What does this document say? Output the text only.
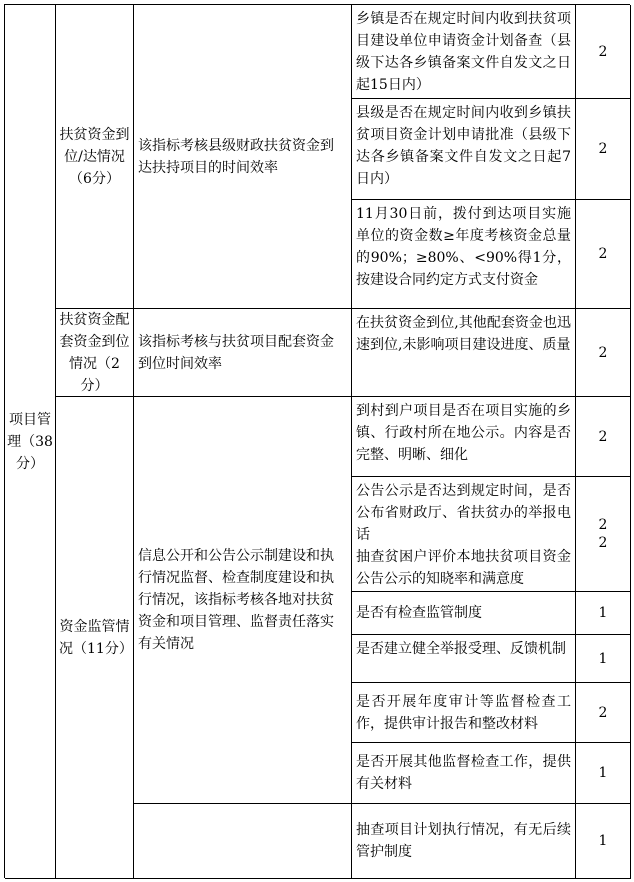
项目管理（38分）
扶贫资金到位/达情况（6分）
该指标考核县级财政扶贫资金到达扶持项目的时间效率
乡镇是否在规定时间内收到扶贫项目建设单位申请资金计划备查（县级下达各乡镇备案文件自发文之日起15日内）
2
县级是否在规定时间内收到乡镇扶贫项目资金计划申请批准（县级下达各乡镇备案文件自发文之日起7日内）
2
11月30日前，拨付到达项目实施单位的资金数≥年度考核资金总量的90%；≥80%、<90%得1分，按建设合同约定方式支付资金
2
扶贫资金配套资金到位情况（2分）
该指标考核与扶贫项目配套资金到位时间效率
在扶贫资金到位,其他配套资金也迅速到位,未影响项目建设进度、质量	2
资金监管情况（11分）
信息公开和公告公示制建设和执行情况监督、检查制度建设和执行情况，该指标考核各地对扶贫资金和项目管理、监督责任落实有关情况
到村到户项目是否在项目实施的乡镇、行政村所在地公示。内容是否完整、明晰、细化
2
公告公示是否达到规定时间，是否公布省财政厅、省扶贫办的举报电话
抽查贫困户评价本地扶贫项目资金公告公示的知晓率和满意度
2
2
是否有检查监管制度	1
是否建立健全举报受理、反馈机制
1
是否开展年度审计等监督检查工作，提供审计报告和整改材料
2
是否开展其他监督检查工作，提供有关材料
1
抽查项目计划执行情况，有无后续管护制度
1
